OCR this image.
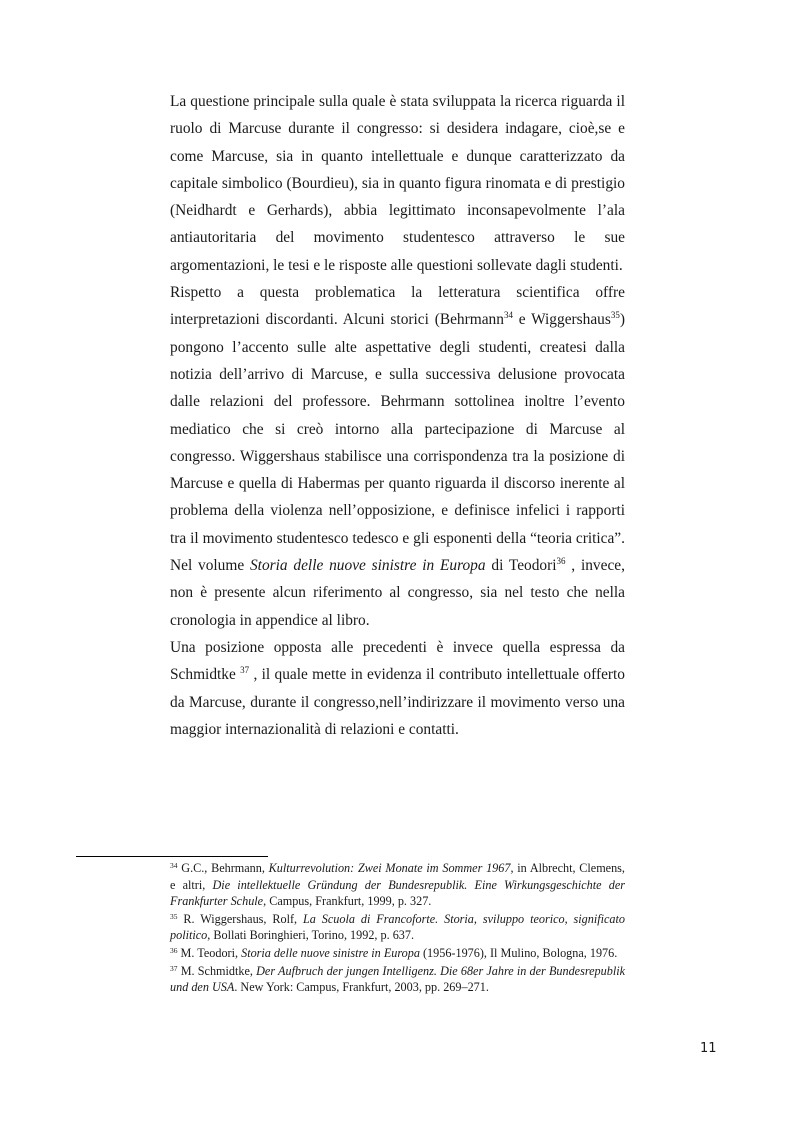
La questione principale sulla quale è stata sviluppata la ricerca riguarda il ruolo di Marcuse durante il congresso: si desidera indagare, cioè,se e come Marcuse, sia in quanto intellettuale e dunque caratterizzato da capitale simbolico (Bourdieu), sia in quanto figura rinomata e di prestigio (Neidhardt e Gerhards), abbia legittimato inconsapevolmente l’ala antiautoritaria del movimento studentesco attraverso le sue argomentazioni, le tesi e le risposte alle questioni sollevate dagli studenti.

Rispetto a questa problematica la letteratura scientifica offre interpretazioni discordanti. Alcuni storici (Behrmann$^{34}$ e Wiggershaus$^{35}$) pongono l’accento sulle alte aspettative degli studenti, createsi dalla notizia dell’arrivo di Marcuse, e sulla successiva delusione provocata dalle relazioni del professore. Behrmann sottolinea inoltre l’evento mediatico che si creò intorno alla partecipazione di Marcuse al congresso. Wiggershaus stabilisce una corrispondenza tra la posizione di Marcuse e quella di Habermas per quanto riguarda il discorso inerente al problema della violenza nell’opposizione, e definisce infelici i rapporti tra il movimento studentesco tedesco e gli esponenti della “teoria critica”. Nel volume Storia delle nuove sinistre in Europa di Teodori$^{36}$ , invece, non è presente alcun riferimento al congresso, sia nel testo che nella cronologia in appendice al libro.

Una posizione opposta alle precedenti è invece quella espressa da Schmidtke $^{37}$ , il quale mette in evidenza il contributo intellettuale offerto da Marcuse, durante il congresso,nell’indirizzare il movimento verso una maggior internazionalità di relazioni e contatti.

$^{34}$ G.C., Behrmann, Kulturrevolution: Zwei Monate im Sommer 1967, in Albrecht, Clemens, e altri, Die intellektuelle Gründung der Bundesrepublik. Eine Wirkungsgeschichte der Frankfurter Schule, Campus, Frankfurt, 1999, p. 327.

$^{35}$ R. Wiggershaus, Rolf, La Scuola di Francoforte. Storia, sviluppo teorico, significato politico, Bollati Boringhieri, Torino, 1992, p. 637.

$^{36}$ M. Teodori, Storia delle nuove sinistre in Europa (1956-1976), Il Mulino, Bologna, 1976.

$^{37}$ M. Schmidtke, Der Aufbruch der jungen Intelligenz. Die 68er Jahre in der Bundesrepublik und den USA. New York: Campus, Frankfurt, 2003, pp. 269–271.

11
